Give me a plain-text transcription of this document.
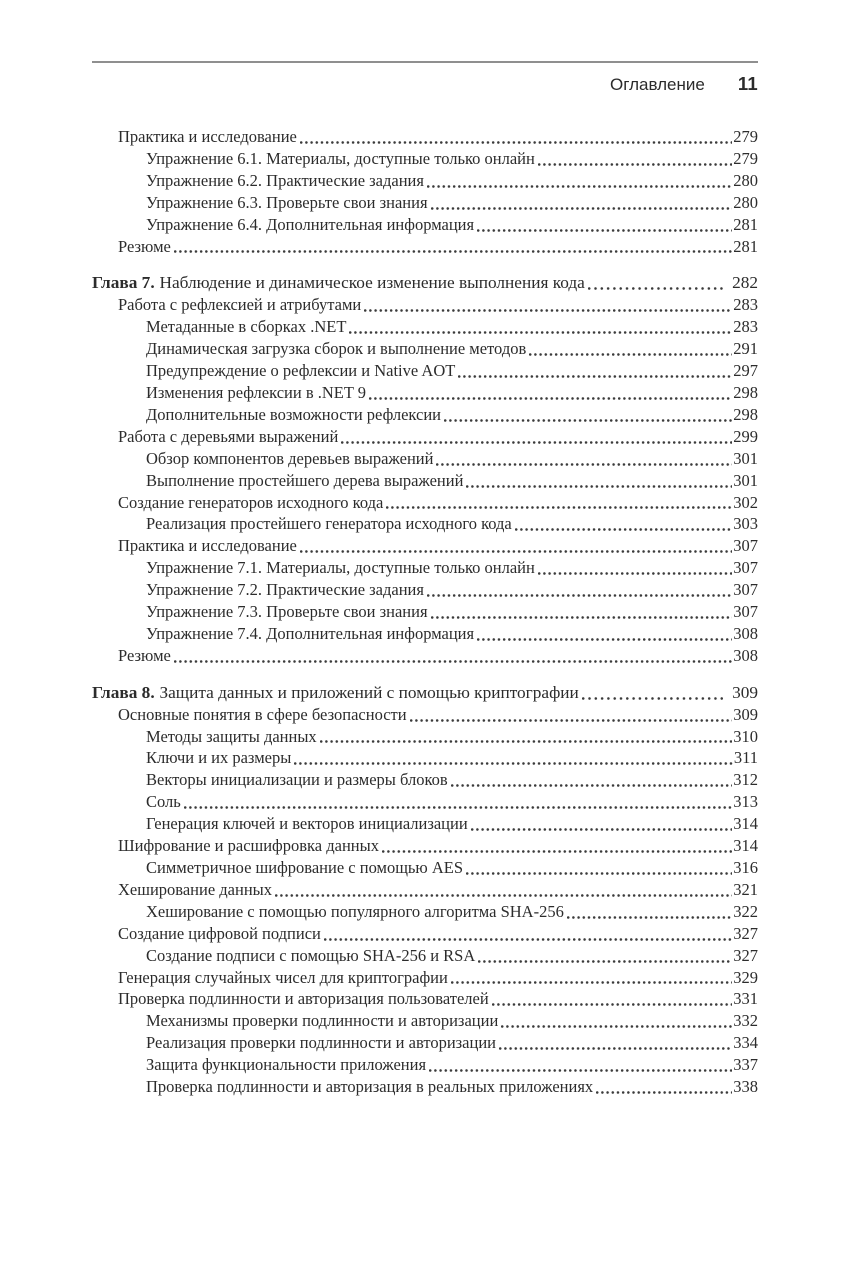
Оглавление 11
Практика и исследование	279
Упражнение 6.1. Материалы, доступные только онлайн	279
Упражнение 6.2. Практические задания	280
Упражнение 6.3. Проверьте свои знания	280
Упражнение 6.4. Дополнительная информация	281
Резюме	281
Глава 7. Наблюдение и динамическое изменение выполнения кода	282
Работа с рефлексией и атрибутами	283
Метаданные в сборках .NET	283
Динамическая загрузка сборок и выполнение методов	291
Предупреждение о рефлексии и Native AOT	297
Изменения рефлексии в .NET 9	298
Дополнительные возможности рефлексии	298
Работа с деревьями выражений	299
Обзор компонентов деревьев выражений	301
Выполнение простейшего дерева выражений	301
Создание генераторов исходного кода	302
Реализация простейшего генератора исходного кода	303
Практика и исследование	307
Упражнение 7.1. Материалы, доступные только онлайн	307
Упражнение 7.2. Практические задания	307
Упражнение 7.3. Проверьте свои знания	307
Упражнение 7.4. Дополнительная информация	308
Резюме	308
Глава 8. Защита данных и приложений с помощью криптографии	309
Основные понятия в сфере безопасности	309
Методы защиты данных	310
Ключи и их размеры	311
Векторы инициализации и размеры блоков	312
Соль	313
Генерация ключей и векторов инициализации	314
Шифрование и расшифровка данных	314
Симметричное шифрование с помощью AES	316
Хеширование данных	321
Хеширование с помощью популярного алгоритма SHA-256	322
Создание цифровой подписи	327
Создание подписи с помощью SHA-256 и RSA	327
Генерация случайных чисел для криптографии	329
Проверка подлинности и авторизация пользователей	331
Механизмы проверки подлинности и авторизации	332
Реализация проверки подлинности и авторизации	334
Защита функциональности приложения	337
Проверка подлинности и авторизация в реальных приложениях	338
